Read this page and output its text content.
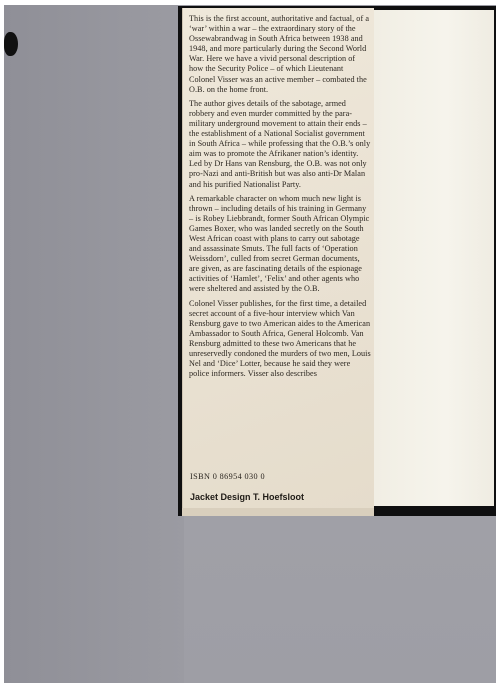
This is the first account, authoritative and factual, of a ‘war’ within a war – the extraordinary story of the Ossewabrandwag in South Africa between 1938 and 1948, and more particularly during the Second World War. Here we have a vivid personal description of how the Security Police – of which Lieutenant Colonel Visser was an active member – combated the O.B. on the home front.

The author gives details of the sabotage, armed robbery and even murder committed by the para-military underground movement to attain their ends – the establishment of a National Socialist government in South Africa – while professing that the O.B.’s only aim was to promote the Afrikaner nation’s identity. Led by Dr Hans van Rensburg, the O.B. was not only pro-Nazi and anti-British but was also anti-Dr Malan and his purified Nationalist Party.

A remarkable character on whom much new light is thrown – including details of his training in Germany – is Robey Liebbrandt, former South African Olympic Games Boxer, who was landed secretly on the South West African coast with plans to carry out sabotage and assassinate Smuts. The full facts of ‘Operation Weissdorn’, culled from secret German documents, are given, as are fascinating details of the espionage activities of ‘Hamlet’, ‘Felix’ and other agents who were sheltered and assisted by the O.B.

Colonel Visser publishes, for the first time, a detailed secret account of a five-hour interview which Van Rensburg gave to two American aides to the American Ambassador to South Africa, General Holcomb. Van Rensburg admitted to these two Americans that he unreservedly condoned the murders of two men, Louis Nel and ‘Dice’ Lotter, because he said they were police informers. Visser also describes

ISBN 0 86954 030 0
Jacket Design T. Hoefsloot
